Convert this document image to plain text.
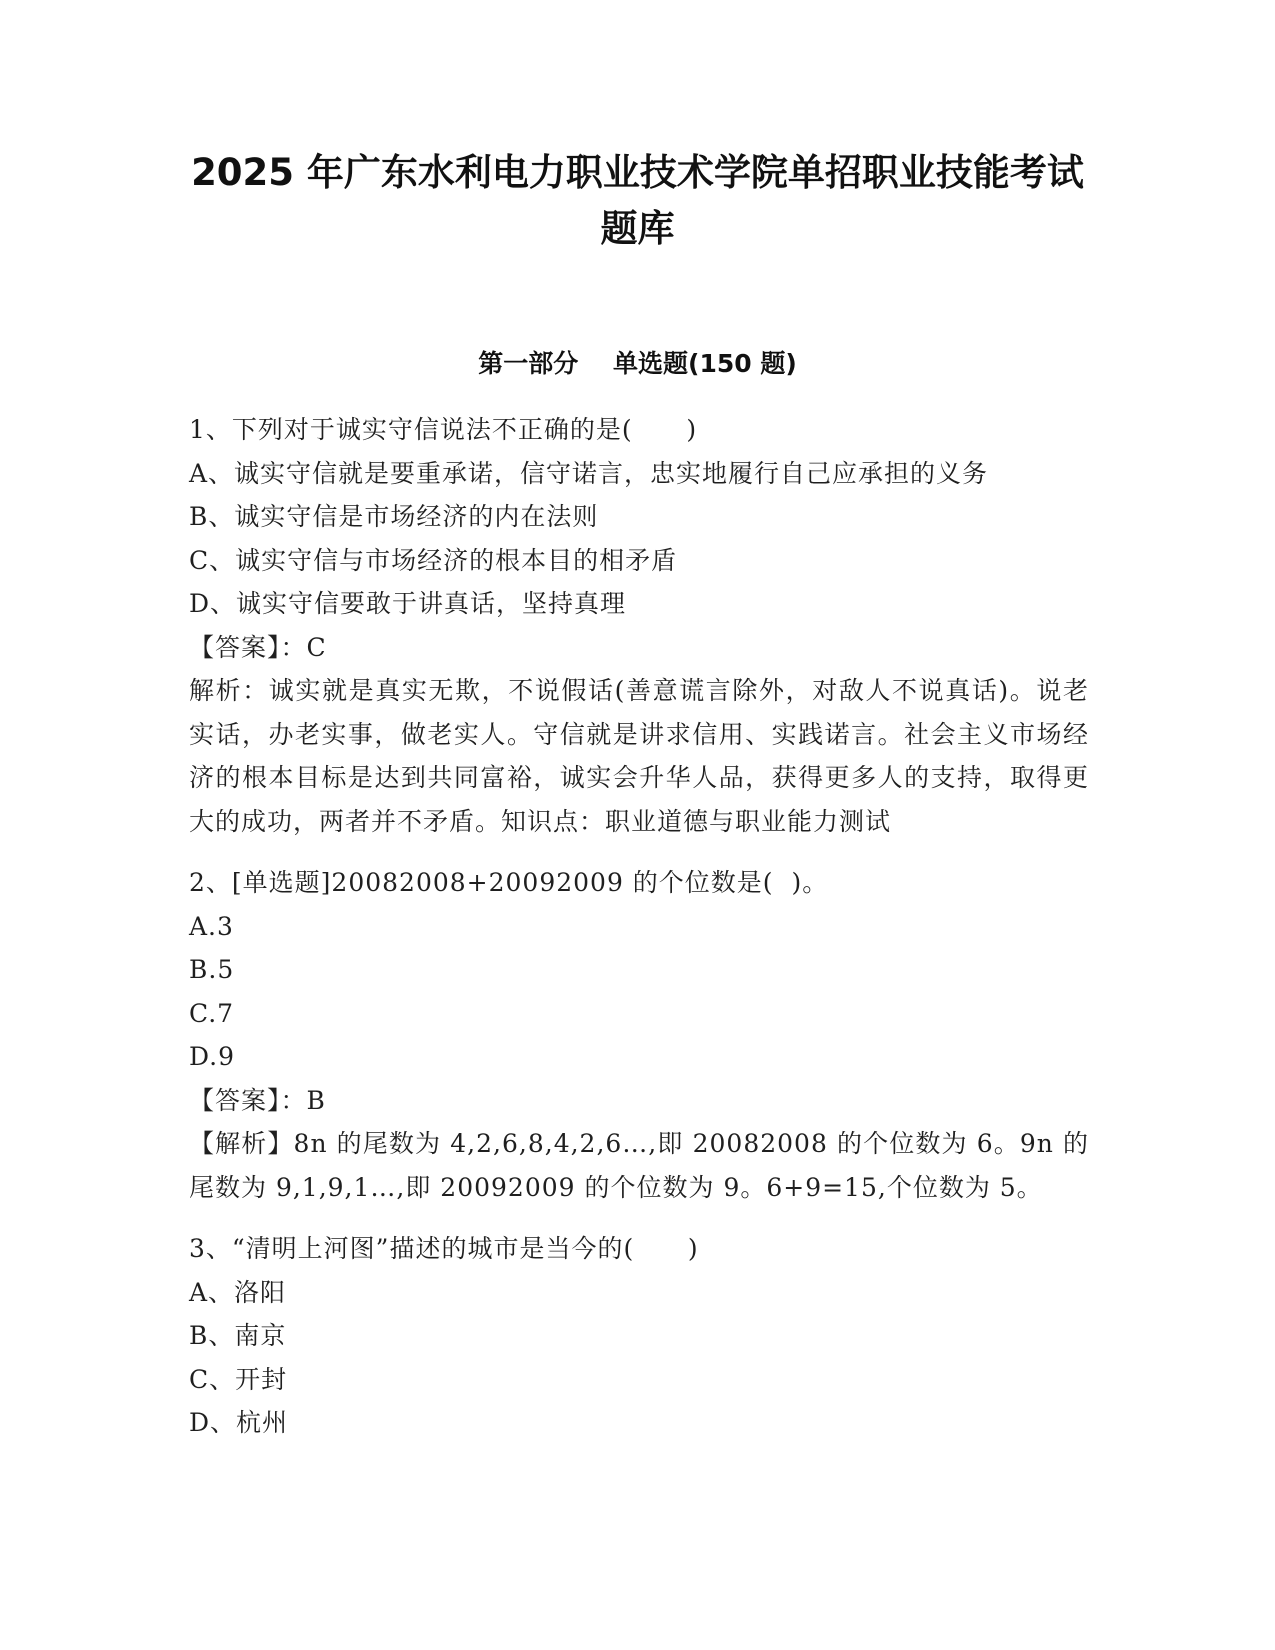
2025 年广东水利电力职业技术学院单招职业技能考试
题库
第一部分    单选题(150 题)
1、下列对于诚实守信说法不正确的是(      )
A、诚实守信就是要重承诺，信守诺言，忠实地履行自己应承担的义务
B、诚实守信是市场经济的内在法则
C、诚实守信与市场经济的根本目的相矛盾
D、诚实守信要敢于讲真话，坚持真理
【答案】：C
解析：诚实就是真实无欺，不说假话(善意谎言除外，对敌人不说真话)。说老实话，办老实事，做老实人。守信就是讲求信用、实践诺言。社会主义市场经济的根本目标是达到共同富裕，诚实会升华人品，获得更多人的支持，取得更大的成功，两者并不矛盾。知识点：职业道德与职业能力测试
2、[单选题]20082008+20092009 的个位数是(  )。
A.3
B.5
C.7
D.9
【答案】：B
【解析】8n 的尾数为 4,2,6,8,4,2,6…,即 20082008 的个位数为 6。9n 的尾数为 9,1,9,1…,即 20092009 的个位数为 9。6+9=15,个位数为 5。
3、“清明上河图”描述的城市是当今的(      )
A、洛阳
B、南京
C、开封
D、杭州
